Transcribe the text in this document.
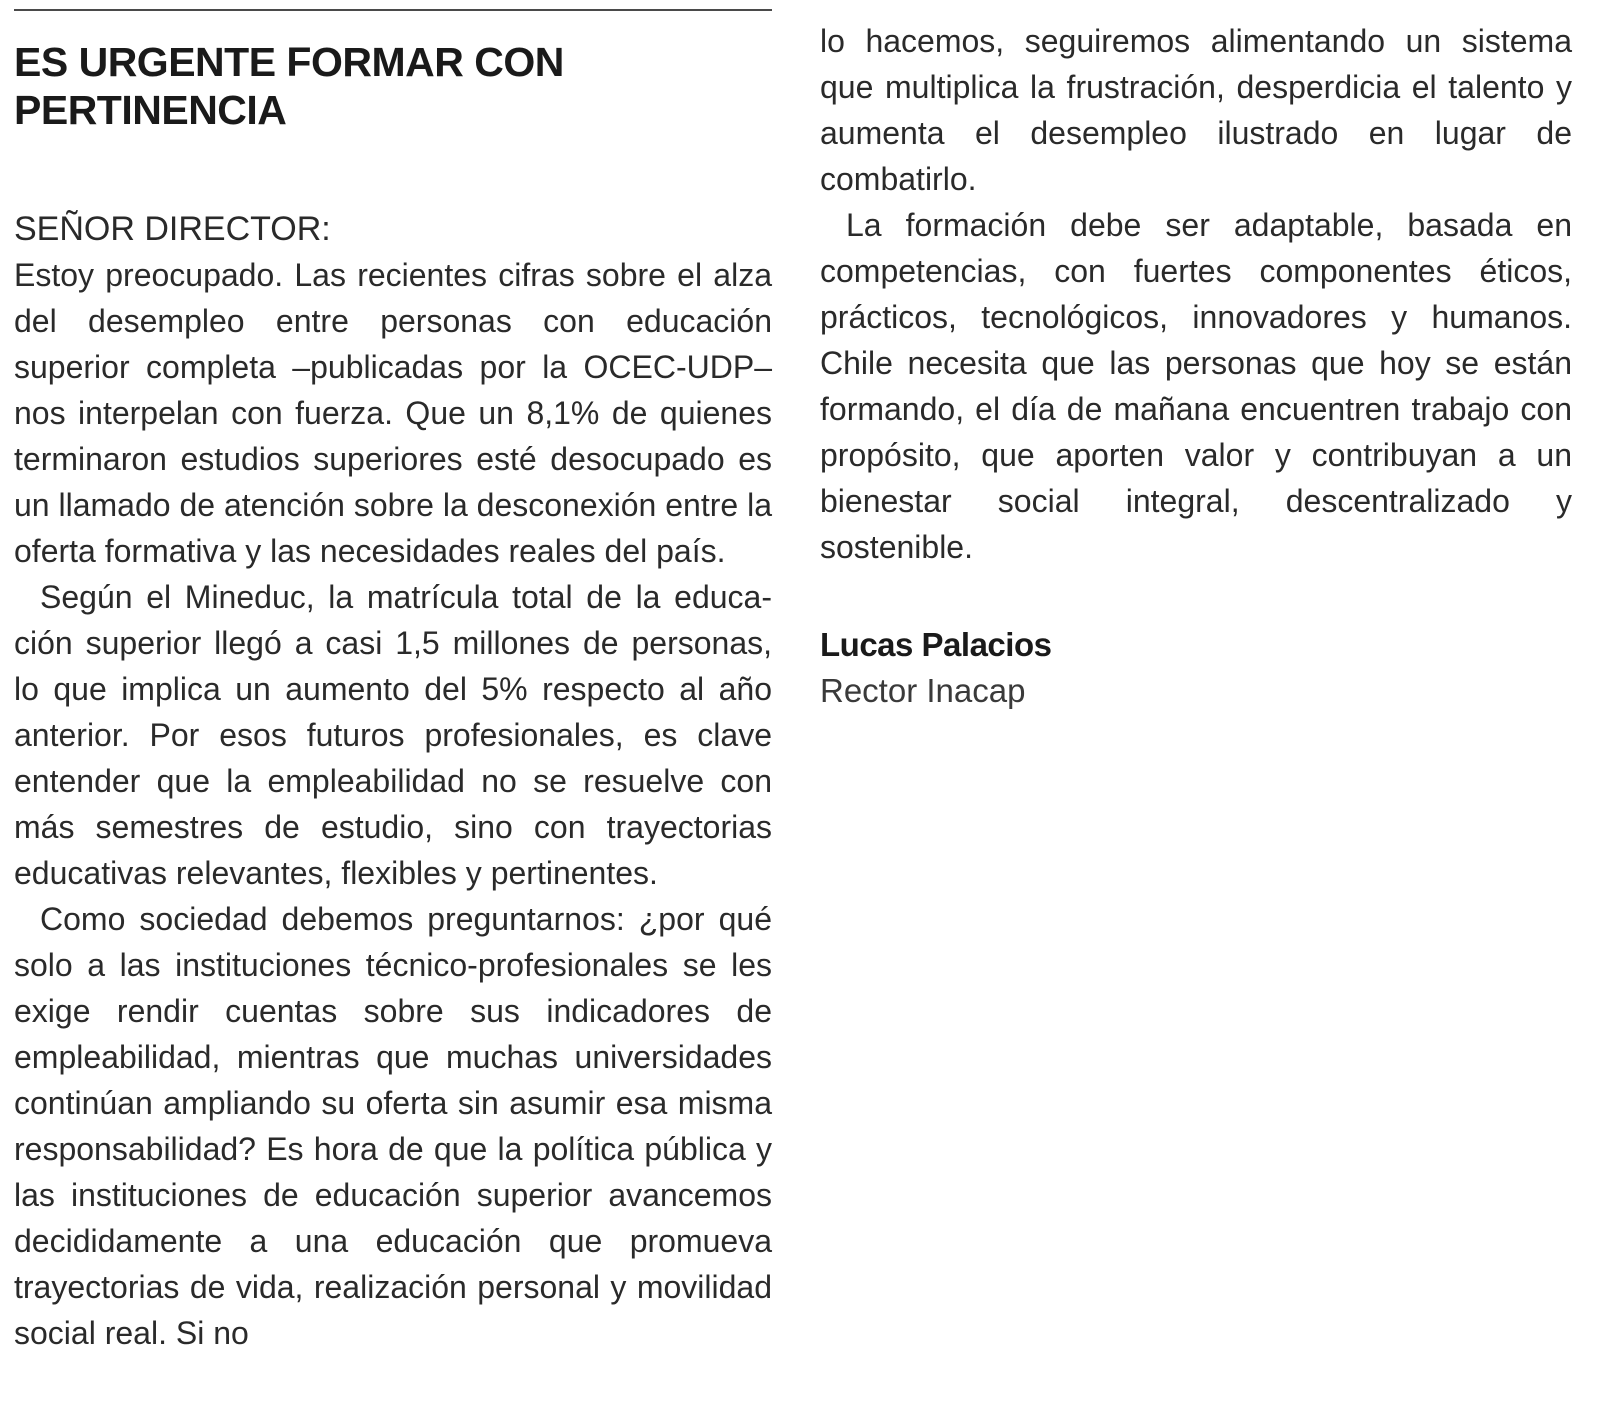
ES URGENTE FORMAR CON PERTINENCIA
SEÑOR DIRECTOR:

Estoy preocupado. Las recientes cifras sobre el alza del desempleo entre personas con educación superior completa –publicadas por la OCEC-UDP– nos interpelan con fuerza. Que un 8,1% de quienes terminaron estudios superiores esté desocupado es un llamado de atención sobre la desconexión entre la oferta formativa y las necesidades reales del país.

Según el Mineduc, la matrícula total de la educación superior llegó a casi 1,5 millones de personas, lo que implica un aumento del 5% respecto al año anterior. Por esos futuros profesionales, es clave entender que la empleabilidad no se resuelve con más semestres de estudio, sino con trayectorias educativas relevantes, flexibles y pertinentes.

Como sociedad debemos preguntarnos: ¿por qué solo a las instituciones técnico-profesionales se les exige rendir cuentas sobre sus indicadores de empleabilidad, mientras que muchas universidades continúan ampliando su oferta sin asumir esa misma responsabilidad? Es hora de que la política pública y las instituciones de educación superior avancemos decididamente a una educación que promueva trayectorias de vida, realización personal y movilidad social real. Si no

lo hacemos, seguiremos alimentando un sistema que multiplica la frustración, desperdicia el talento y aumenta el desempleo ilustrado en lugar de combatirlo.

La formación debe ser adaptable, basada en competencias, con fuertes componentes éticos, prácticos, tecnológicos, innovadores y humanos. Chile necesita que las personas que hoy se están formando, el día de mañana encuentren trabajo con propósito, que aporten valor y contribuyan a un bienestar social integral, descentralizado y sostenible.

Lucas Palacios
Rector Inacap
